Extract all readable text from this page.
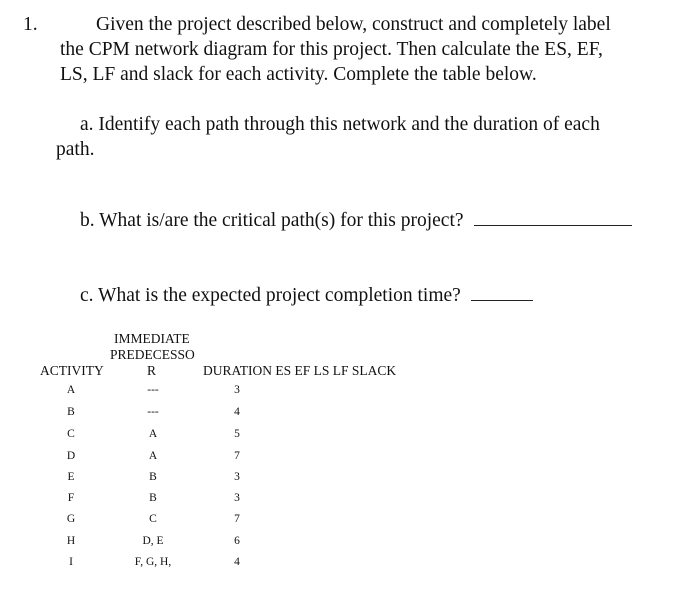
1.	Given the project described below, construct and completely label
the CPM network diagram for this project. Then calculate the ES, EF,
LS, LF and slack for each activity. Complete the table below.
a. Identify each path through this network and the duration of each
path.
b. What is/are the critical path(s) for this project?
c. What is the expected project completion time?
IMMEDIATE
PREDECESSO
ACTIVITY	R	DURATION ES EF LS LF SLACK
A	---	3
B	---	4
C	A	5
D	A	7
E	B	3
F	B	3
G	C	7
H	D, E	6
I	F, G, H,	4
